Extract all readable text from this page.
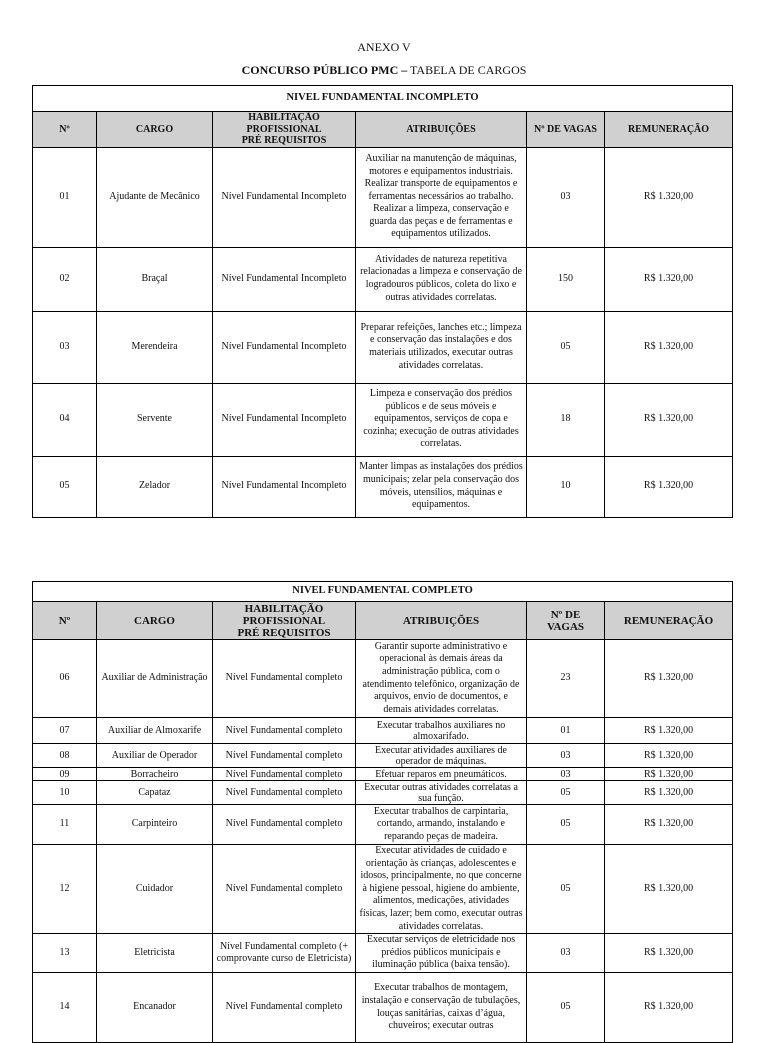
ANEXO V
CONCURSO PÚBLICO PMC – TABELA DE CARGOS
NIVEL FUNDAMENTAL INCOMPLETO					
Nº	CARGO	HABILITAÇÃO
PROFISSIONAL
PRÉ REQUISITOS	ATRIBUIÇÕES	Nº DE VAGAS	REMUNERAÇÃO
01	Ajudante de Mecânico	Nível Fundamental Incompleto	Auxiliar na manutenção de máquinas, motores e equipamentos industriais. Realizar transporte de equipamentos e ferramentas necessários ao trabalho. Realizar a limpeza, conservação e guarda das peças e de ferramentas e equipamentos utilizados.	03	R$ 1.320,00
02	Braçal	Nível Fundamental Incompleto	Atividades de natureza repetitiva relacionadas a limpeza e conservação de logradouros públicos, coleta do lixo e outras atividades correlatas.	150	R$ 1.320,00
03	Merendeira	Nível Fundamental Incompleto	Preparar refeições, lanches etc.; limpeza e conservação das instalações e dos materiais utilizados, executar outras atividades correlatas.	05	R$ 1.320,00
04	Servente	Nível Fundamental Incompleto	Limpeza e conservação dos prédios públicos e de seus móveis e equipamentos, serviços de copa e cozinha; execução de outras atividades correlatas.	18	R$ 1.320,00
05	Zelador	Nível Fundamental Incompleto	Manter limpas as instalações dos prédios municipais; zelar pela conservação dos móveis, utensílios, máquinas e equipamentos.	10	R$ 1.320,00
NIVEL FUNDAMENTAL COMPLETO					
Nº	CARGO	HABILITAÇÃO
PROFISSIONAL
PRÉ REQUISITOS	ATRIBUIÇÕES	Nº DE
VAGAS	REMUNERAÇÃO
06	Auxiliar de Administração	Nível Fundamental completo	Garantir suporte administrativo e operacional às demais áreas da administração pública, com o atendimento telefônico, organização de arquivos, envio de documentos, e demais atividades correlatas.	23	R$ 1.320,00
07	Auxiliar de Almoxarife	Nível Fundamental completo	Executar trabalhos auxiliares no almoxarifado.	01	R$ 1.320,00
08	Auxiliar de Operador	Nível Fundamental completo	Executar atividades auxiliares de operador de máquinas.	03	R$ 1.320,00
09	Borracheiro	Nível Fundamental completo	Efetuar reparos em pneumáticos.	03	R$ 1.320,00
10	Capataz	Nível Fundamental completo	Executar outras atividades correlatas a sua função.	05	R$ 1.320,00
11	Carpinteiro	Nível Fundamental completo	Executar trabalhos de carpintaria, cortando, armando, instalando e reparando peças de madeira.	05	R$ 1.320,00
12	Cuidador	Nível Fundamental completo	Executar atividades de cuidado e orientação às crianças, adolescentes e idosos, principalmente, no que concerne à higiene pessoal, higiene do ambiente, alimentos, medicações, atividades físicas, lazer; bem como, executar outras atividades correlatas.	05	R$ 1.320,00
13	Eletricista	Nível Fundamental completo (+ comprovante curso de Eletricista)	Executar serviços de eletricidade nos prédios públicos municipais e iluminação pública (baixa tensão).	03	R$ 1.320,00
14	Encanador	Nível Fundamental completo	Executar trabalhos de montagem, instalação e conservação de tubulações, louças sanitárias, caixas d’água, chuveiros; executar outras	05	R$ 1.320,00
